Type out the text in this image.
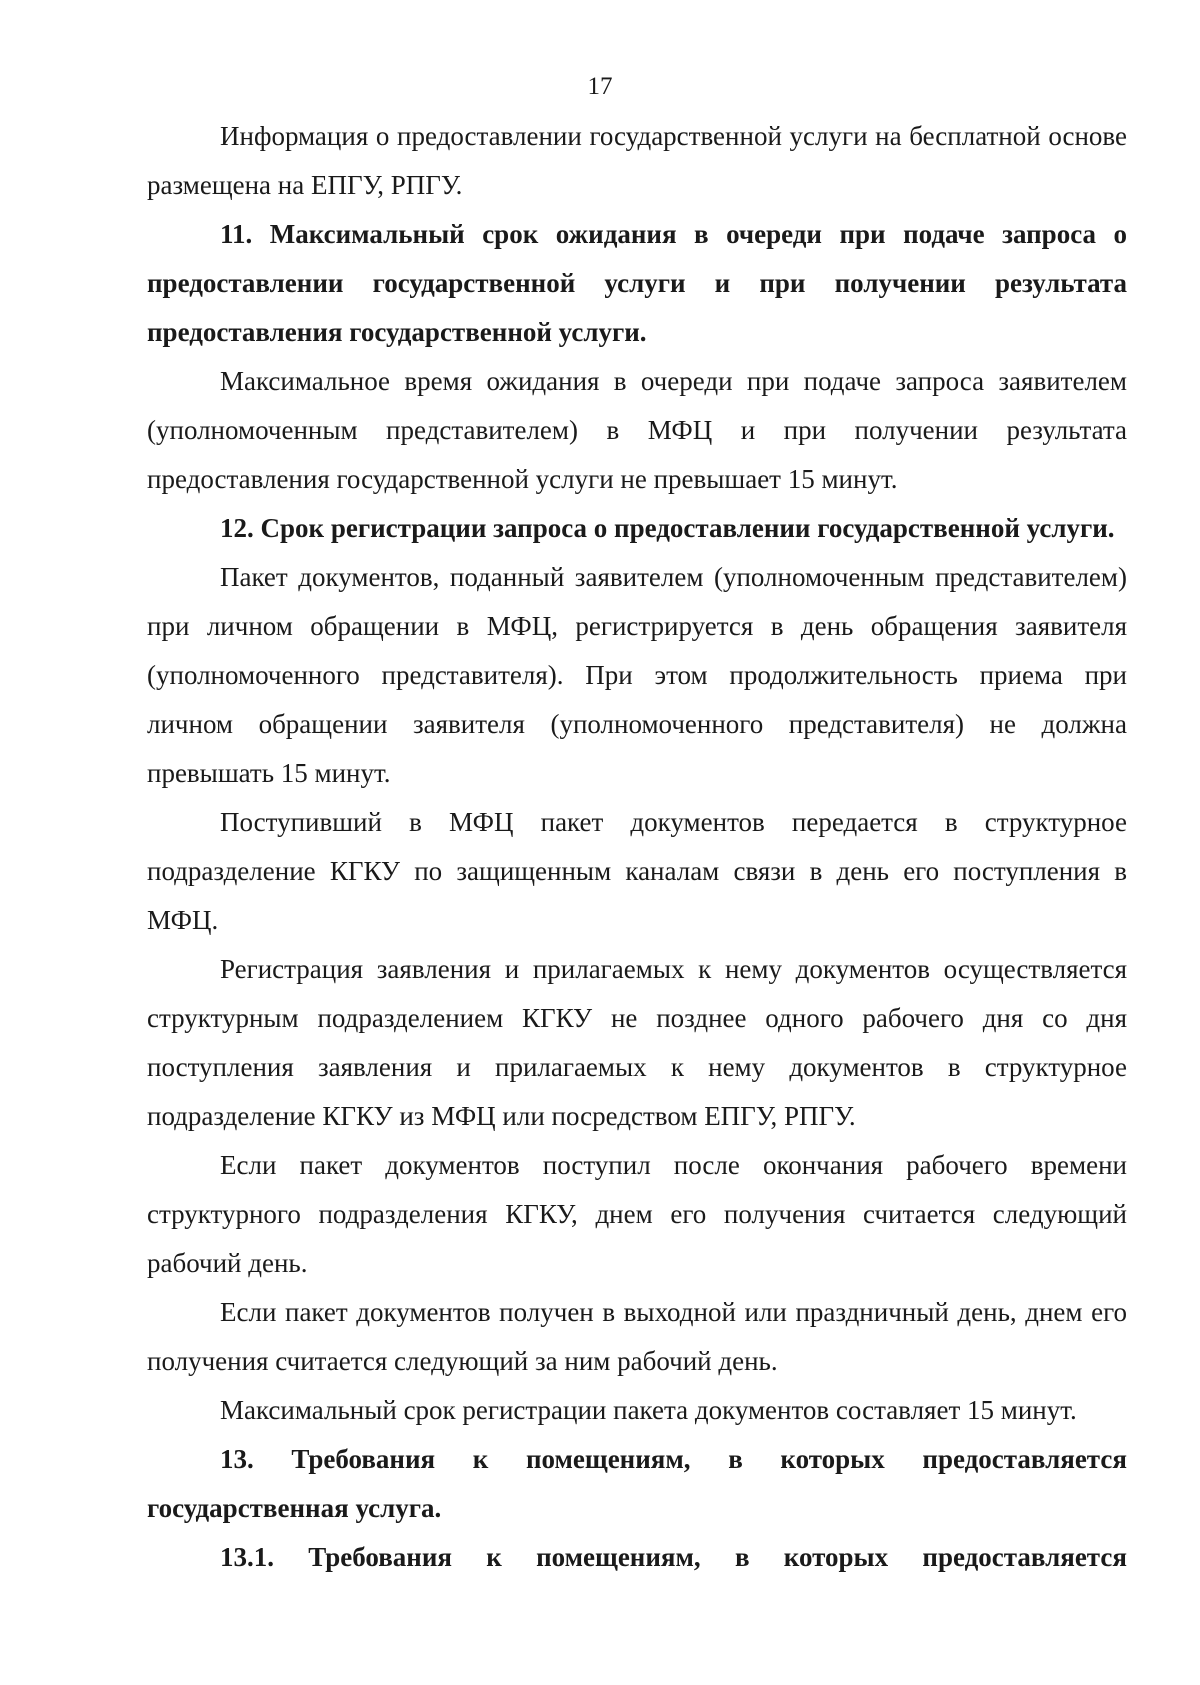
17

Информация о предоставлении государственной услуги на бесплатной основе размещена на ЕПГУ, РПГУ.

11. Максимальный срок ожидания в очереди при подаче запроса о предоставлении государственной услуги и при получении результата предоставления государственной услуги.

Максимальное время ожидания в очереди при подаче запроса заявителем (уполномоченным представителем) в МФЦ и при получении результата предоставления государственной услуги не превышает 15 минут.

12. Срок регистрации запроса о предоставлении государственной услуги.

Пакет документов, поданный заявителем (уполномоченным представителем) при личном обращении в МФЦ, регистрируется в день обращения заявителя (уполномоченного представителя). При этом продолжительность приема при личном обращении заявителя (уполномоченного представителя) не должна превышать 15 минут.

Поступивший в МФЦ пакет документов передается в структурное подразделение КГКУ по защищенным каналам связи в день его поступления в МФЦ.

Регистрация заявления и прилагаемых к нему документов осуществляется структурным подразделением КГКУ не позднее одного рабочего дня со дня поступления заявления и прилагаемых к нему документов в структурное подразделение КГКУ из МФЦ или посредством ЕПГУ, РПГУ.

Если пакет документов поступил после окончания рабочего времени структурного подразделения КГКУ, днем его получения считается следующий рабочий день.

Если пакет документов получен в выходной или праздничный день, днем его получения считается следующий за ним рабочий день.

Максимальный срок регистрации пакета документов составляет 15 минут.

13. Требования к помещениям, в которых предоставляется государственная услуга.

13.1. Требования к помещениям, в которых предоставляется
